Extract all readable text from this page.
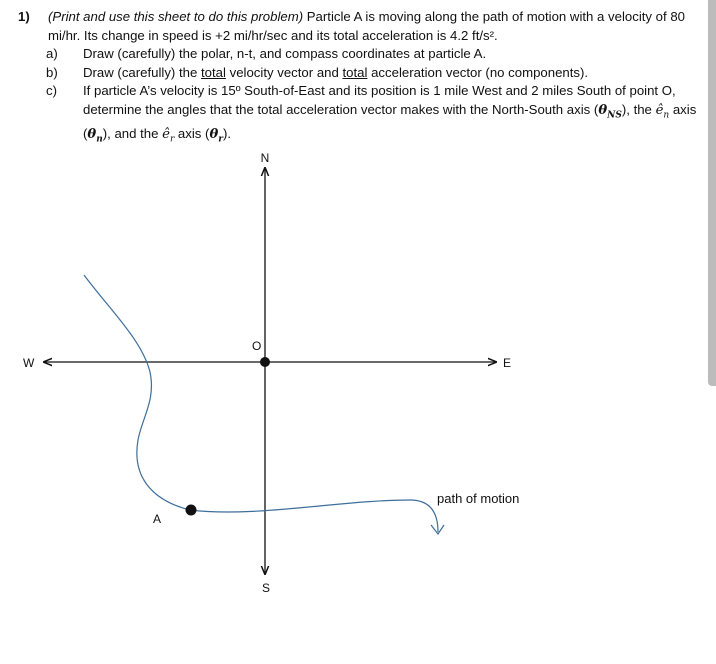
1) (Print and use this sheet to do this problem) Particle A is moving along the path of motion with a velocity of 80 mi/hr. Its change in speed is +2 mi/hr/sec and its total acceleration is 4.2 ft/s².
a) Draw (carefully) the polar, n-t, and compass coordinates at particle A.
b) Draw (carefully) the total velocity vector and total acceleration vector (no components).
c) If particle A’s velocity is 15º South-of-East and its position is 1 mile West and 2 miles South of point O, determine the angles that the total acceleration vector makes with the North-South axis $(\theta_{NS})$, the $ê_n$ axis $(\theta_n)$, and the $ê_r$ axis $(\theta_r)$.
N
S
E
W
O
A
path of motion
